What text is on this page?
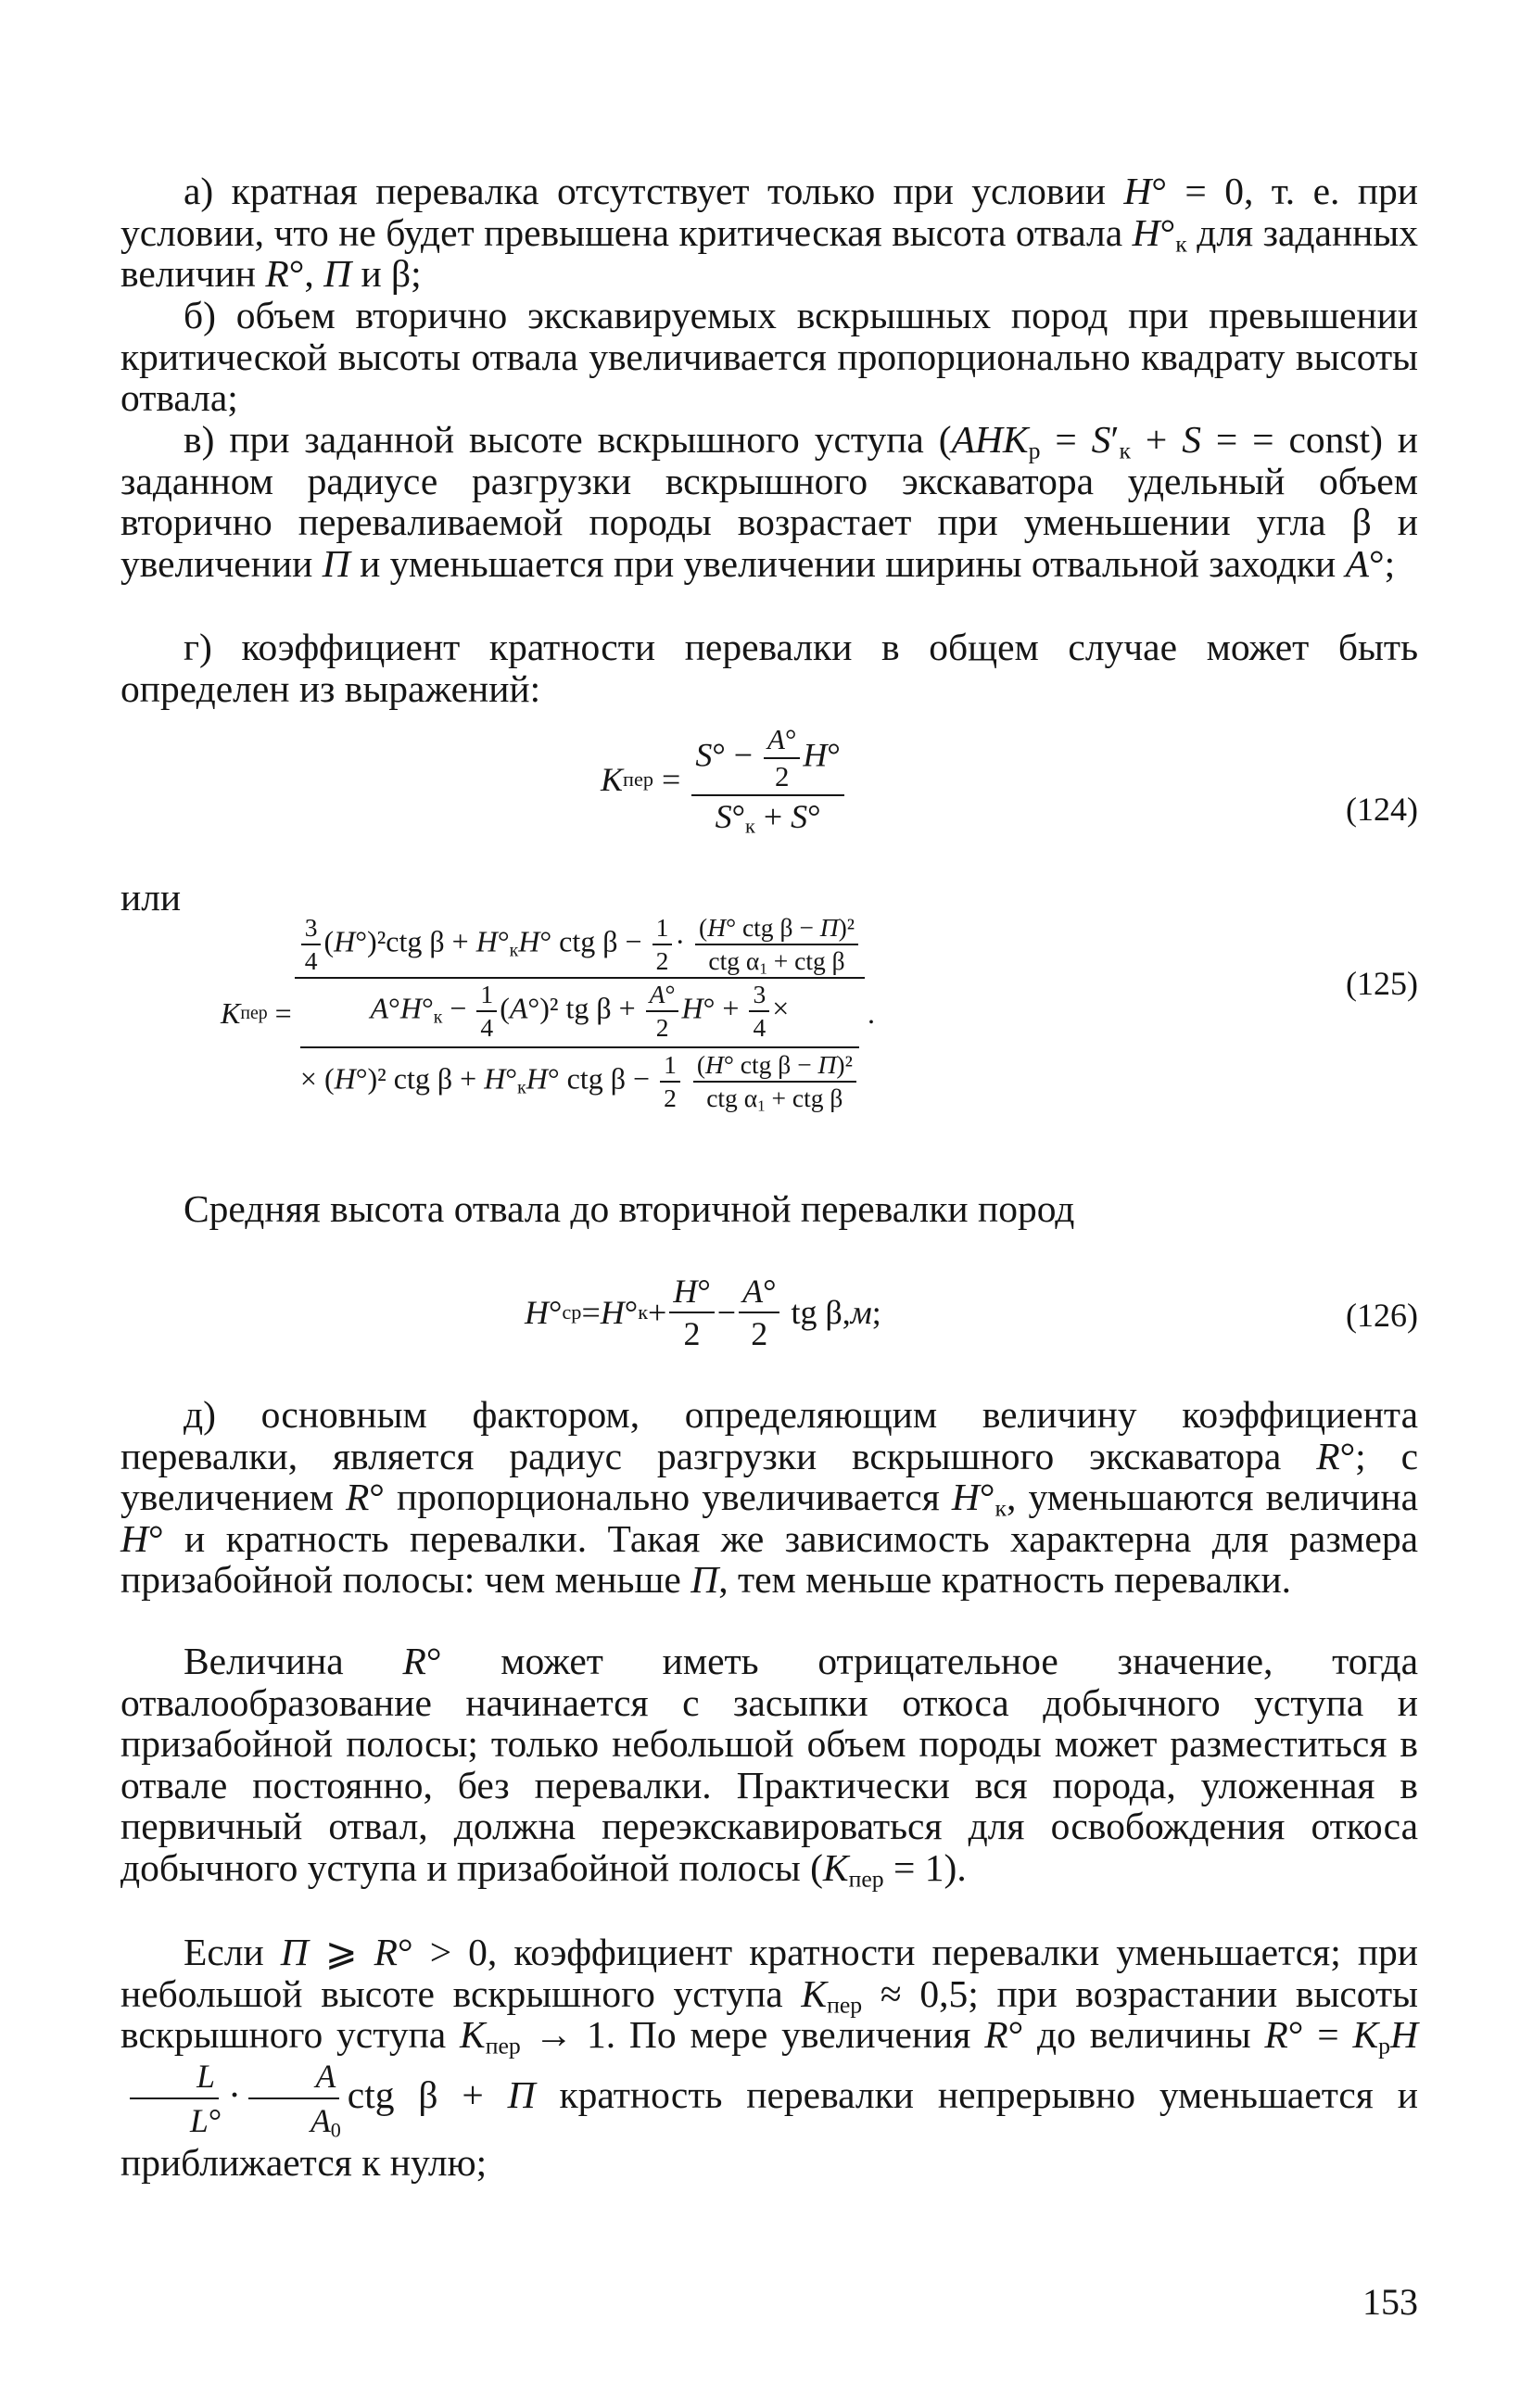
а) кратная перевалка отсутствует только при условии H° = 0, т. е. при условии, что не будет превышена критическая высота отвала $H^\circ_к$ для заданных величин R°, П и β;

б) объем вторично экскавируемых вскрышных пород при превышении критической высоты отвала увеличивается пропорционально квадрату высоты отвала;

в) при заданной высоте вскрышного уступа ($AHK_р = S'_к + S$ = = const) и заданном радиусе разгрузки вскрышного экскаватора удельный объем вторично переваливаемой породы возрастает при уменьшении угла β и увеличении П и уменьшается при увеличении ширины отвальной заходки A°;

г) коэффициент кратности перевалки в общем случае может быть определен из выражений:

K пер = $\frac{S^\circ - \frac{A^\circ}{2} H^\circ}{S^\circ_к + S^\circ}$	(124)

или

K пер =
$\frac{3}{4} (H^\circ)^2ctg$ $\beta + H^\circ_кH^\circ$ ctg $\beta - \frac{1}{2} \cdot \frac{\text{(H° ctg β − П)²}}{ctg \alpha_1 + ctg \beta}$
$A^\circ H^\circ_к - \frac{1}{4} (A^\circ)^2$ tg $\beta + \frac{A^\circ}{2} H^\circ + \frac{3}{4}$ ×
× (H°)² ctg $\beta + H^\circ_кH^\circ$ ctg $\beta - \frac{1}{2}$
$\frac{\text{(H° ctg β − П)²}}{ctg \alpha_1 + ctg \beta}$
.
(125)

Средняя высота отвала до вторичной перевалки пород

H ° ср = H ° $к + \frac{H^\circ}{2} - \frac{A^\circ}{2}$ tg β, м ;	(126)

д) основным фактором, определяющим величину коэффициента перевалки, является радиус разгрузки вскрышного экскаватора R°; с увеличением R° пропорционально увеличивается $H^\circ_к$, уменьшаются величина H° и кратность перевалки. Такая же зависимость характерна для размера призабойной полосы: чем меньше П, тем меньше кратность перевалки.

Величина R° может иметь отрицательное значение, тогда отвалообразование начинается с засыпки откоса добычного уступа и призабойной полосы; только небольшой объем породы может разместиться в отвале постоянно, без перевалки. Практически вся порода, уложенная в первичный отвал, должна переэкскавироваться для освобождения откоса добычного уступа и призабойной полосы $(K_{пер} = 1)$.

Если П ⩾ R° > 0, коэффициент кратности перевалки уменьшается; при небольшой высоте вскрышного уступа $K_{пер} \approx 0,5$; при возрастании высоты вскрышного уступа $K_{пер} \to 1$. По мере увеличения R° до величины $R^\circ = K_рH$
$\frac{L}{L^\circ} \cdot \frac{A}{A_0}$ ctg β + П кратность перевалки непрерывно уменьшается и приближается к нулю;

153
